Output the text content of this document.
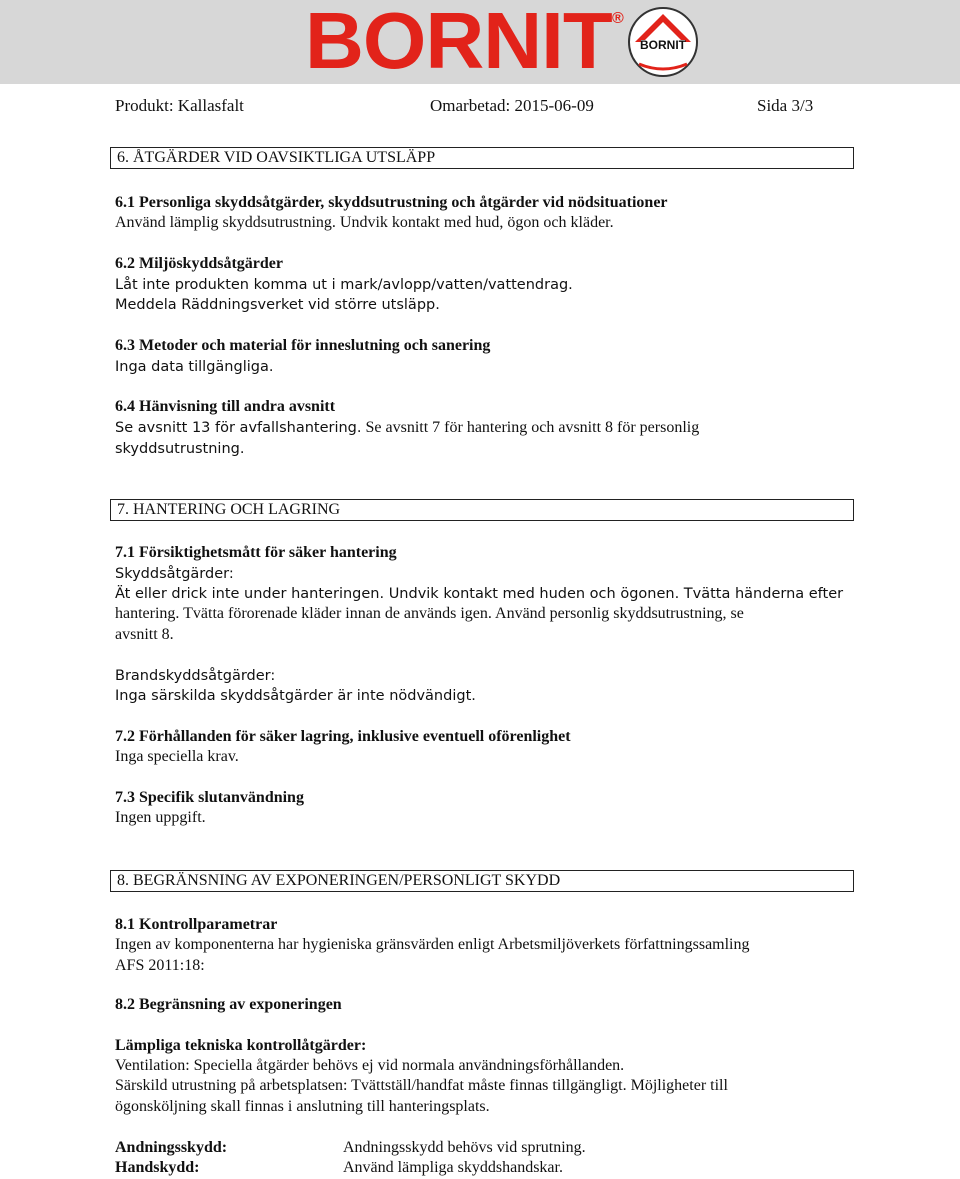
BORNIT ®
BORNIT
Produkt: Kallasfalt	Omarbetad: 2015-06-09	Sida 3/3
6. ÅTGÄRDER VID OAVSIKTLIGA UTSLÄPP
6.1 Personliga skyddsåtgärder, skyddsutrustning och åtgärder vid nödsituationer
Använd lämplig skyddsutrustning. Undvik kontakt med hud, ögon och kläder.
6.2 Miljöskyddsåtgärder
Låt inte produkten komma ut i mark/avlopp/vatten/vattendrag.
Meddela Räddningsverket vid större utsläpp.
6.3 Metoder och material för inneslutning och sanering
Inga data tillgängliga.
6.4 Hänvisning till andra avsnitt
Se avsnitt 13 för avfallshantering. Se avsnitt 7 för hantering och avsnitt 8 för personlig
skyddsutrustning.
7. HANTERING OCH LAGRING
7.1 Försiktighetsmått för säker hantering
Skyddsåtgärder:
Ät eller drick inte under hanteringen. Undvik kontakt med huden och ögonen. Tvätta händerna efter
hantering. Tvätta förorenade kläder innan de används igen. Använd personlig skyddsutrustning, se
avsnitt 8.
Brandskyddsåtgärder:
Inga särskilda skyddsåtgärder är inte nödvändigt.
7.2 Förhållanden för säker lagring, inklusive eventuell oförenlighet
Inga speciella krav.
7.3 Specifik slutanvändning
Ingen uppgift.
8. BEGRÄNSNING AV EXPONERINGEN/PERSONLIGT SKYDD
8.1 Kontrollparametrar
Ingen av komponenterna har hygieniska gränsvärden enligt Arbetsmiljöverkets författningssamling
AFS 2011:18:
8.2 Begränsning av exponeringen
Lämpliga tekniska kontrollåtgärder:
Ventilation: Speciella åtgärder behövs ej vid normala användningsförhållanden.
Särskild utrustning på arbetsplatsen: Tvättställ/handfat måste finnas tillgängligt. Möjligheter till
ögonsköljning skall finnas i anslutning till hanteringsplats.
Andningsskydd:	Andningsskydd behövs vid sprutning.
Handskydd:	Använd lämpliga skyddshandskar.
